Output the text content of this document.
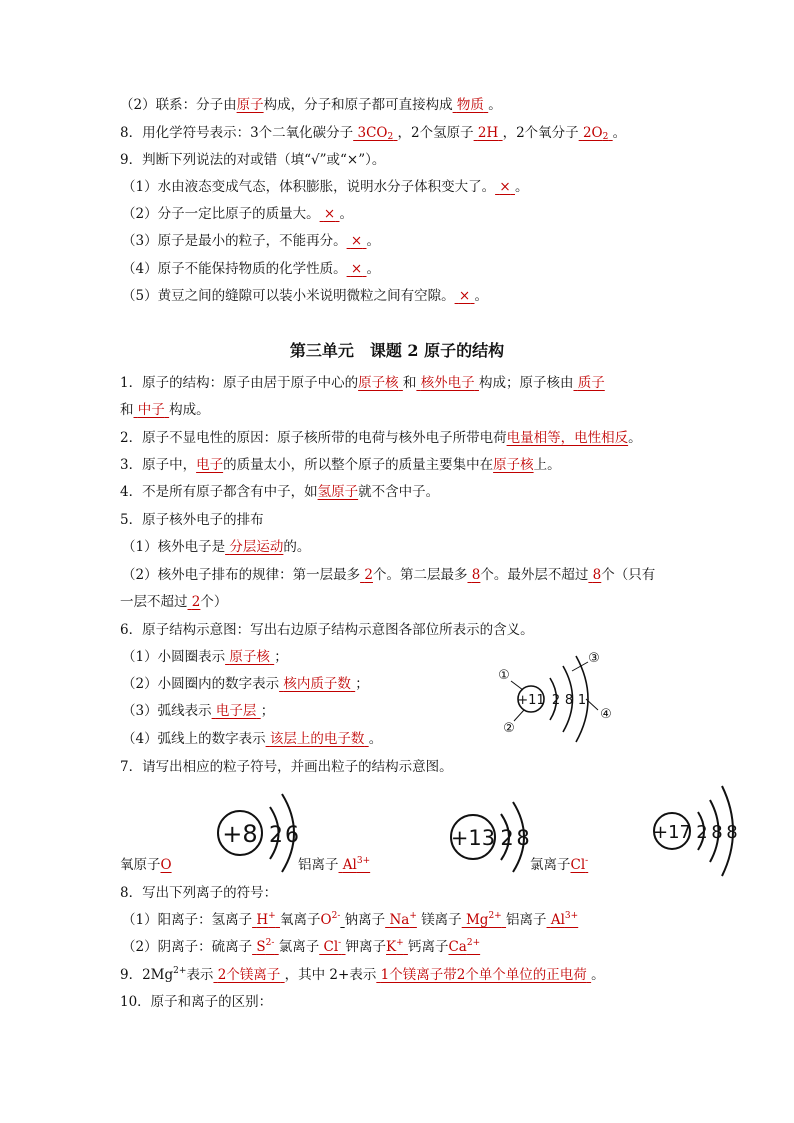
（2）联系：分子由原子构成，分子和原子都可直接构成 物质 。
8．用化学符号表示：3个二氧化碳分子 $3CO_2$ ，2个氢原子 2H ，2个氧分子 $2O_2$ 。
9．判断下列说法的对或错（填“√”或“×”）。
（1）水由液态变成气态，体积膨胀，说明水分子体积变大了。 × 。
（2）分子一定比原子的质量大。 × 。
（3）原子是最小的粒子，不能再分。 × 。
（4）原子不能保持物质的化学性质。 × 。
（5）黄豆之间的缝隙可以装小米说明微粒之间有空隙。 × 。
第三单元　课题 2 原子的结构
1．原子的结构：原子由居于原子中心的原子核 和 核外电子 构成；原子核由 质子
和 中子 构成。
2．原子不显电性的原因：原子核所带的电荷与核外电子所带电荷电量相等，电性相反。
3．原子中，电子的质量太小，所以整个原子的质量主要集中在原子核上。
4．不是所有原子都含有中子，如氢原子就不含中子。
5．原子核外电子的排布
（1）核外电子是 分层运动的。
（2）核外电子排布的规律：第一层最多 2个。第二层最多 8个。最外层不超过 8个（只有
一层不超过 2个）
6．原子结构示意图：写出右边原子结构示意图各部位所表示的含义。
（1）小圆圈表示 原子核 ；
（2）小圆圈内的数字表示 核内质子数 ；
（3）弧线表示 电子层 ；
（4）弧线上的数字表示 该层上的电子数 。
+11 2 8 1
①
②
③
④
7．请写出相应的粒子符号，并画出粒子的结构示意图。
氧原子O	铝离子 $Al^{3+}$	氯离子Cl-
+8 2 6	+13 2 8	+17 2 8 8
8．写出下列离子的符号：
（1）阳离子：氢离子 H+ 氧离子$O^{2-}$ 钠离子 Na+ 镁离子 $Mg^{2+}$ 铝离子 $Al^{3+}$
（2）阴离子：硫离子 $S^{2-}$ 氯离子 Cl- 钾离子K+ 钙离子$Ca^{2+}$
9．$2Mg^{2+}$表示 2个镁离子 ，其中 2+表示 1个镁离子带2个单个单位的正电荷 。
10．原子和离子的区别：
